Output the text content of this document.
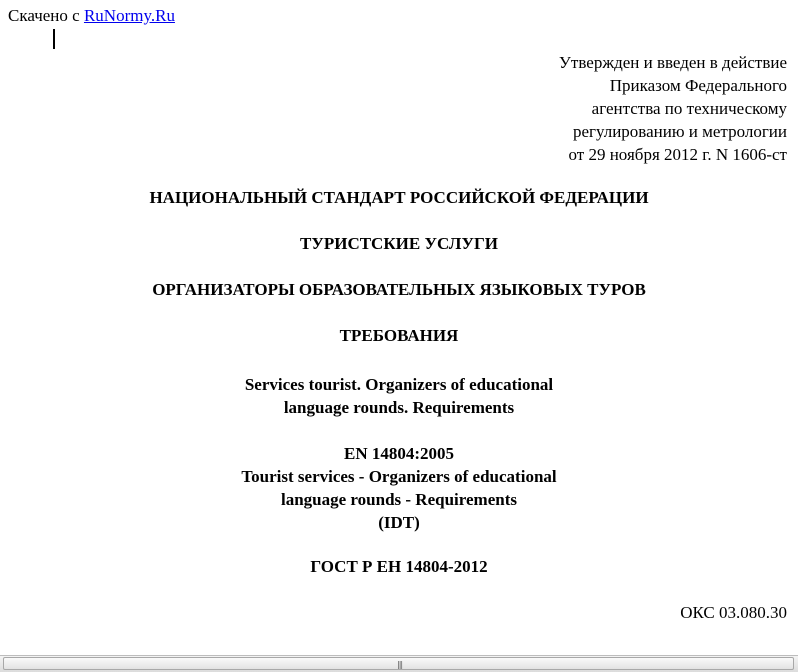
Скачено с RuNormy.Ru
Утвержден и введен в действие
Приказом Федерального
агентства по техническому
регулированию и метрологии
от 29 ноября 2012 г. N 1606-ст
НАЦИОНАЛЬНЫЙ СТАНДАРТ РОССИЙСКОЙ ФЕДЕРАЦИИ
ТУРИСТСКИЕ УСЛУГИ
ОРГАНИЗАТОРЫ ОБРАЗОВАТЕЛЬНЫХ ЯЗЫКОВЫХ ТУРОВ
ТРЕБОВАНИЯ
Services tourist. Organizers of educational
language rounds. Requirements
EN 14804:2005
Tourist services - Organizers of educational
language rounds - Requirements
(IDT)
ГОСТ Р ЕН 14804-2012
ОКС 03.080.30
|||
